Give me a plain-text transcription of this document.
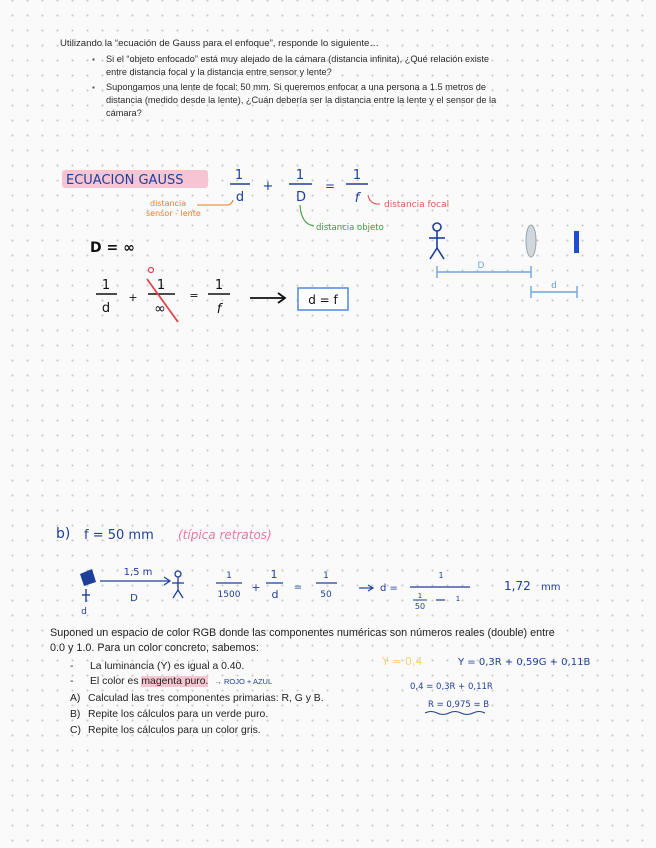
Utilizando la “ecuación de Gauss para el enfoque”, responde lo siguiente…
▪ Si el “objeto enfocado” está muy alejado de la cámara (distancia infinita), ¿Qué relación existe
entre distancia focal y la distancia entre sensor y lente?
▪ Supongamos una lente de focal: 50 mm. Si queremos enfocar a una persona a 1.5 metros de
distancia (medido desde la lente), ¿Cuán debería ser la distancia entre la lente y el sensor de la
cámara?
ECUACION GAUSS	1
d
+
1
D
=
1
f
distancia
sensor - lente
distancia objeto
distancia focal
D = ∞
1
d
+
1
∞
=
1
f
d = f
D
d
b) f = 50 mm (típica retratos)
d
1,5 m
D
1
1500
+
1
d
=
1
50
d =
1
1
50
1
1,72 mm
Y = 0,4	Y = 0,3R + 0,59G + 0,11B
0,4 = 0,3R + 0,11R
R = 0,975 = B
Suponed un espacio de color RGB donde las componentes numéricas son números reales (double) entre
0.0 y 1.0. Para un color concreto, sabemos:
- La luminancia (Y) es igual a 0.40.
- El color es magenta puro. → ROJO + AZUL
A) Calculad las tres componentes primarias: R, G y B.
B) Repite los cálculos para un verde puro.
C) Repite los cálculos para un color gris.
